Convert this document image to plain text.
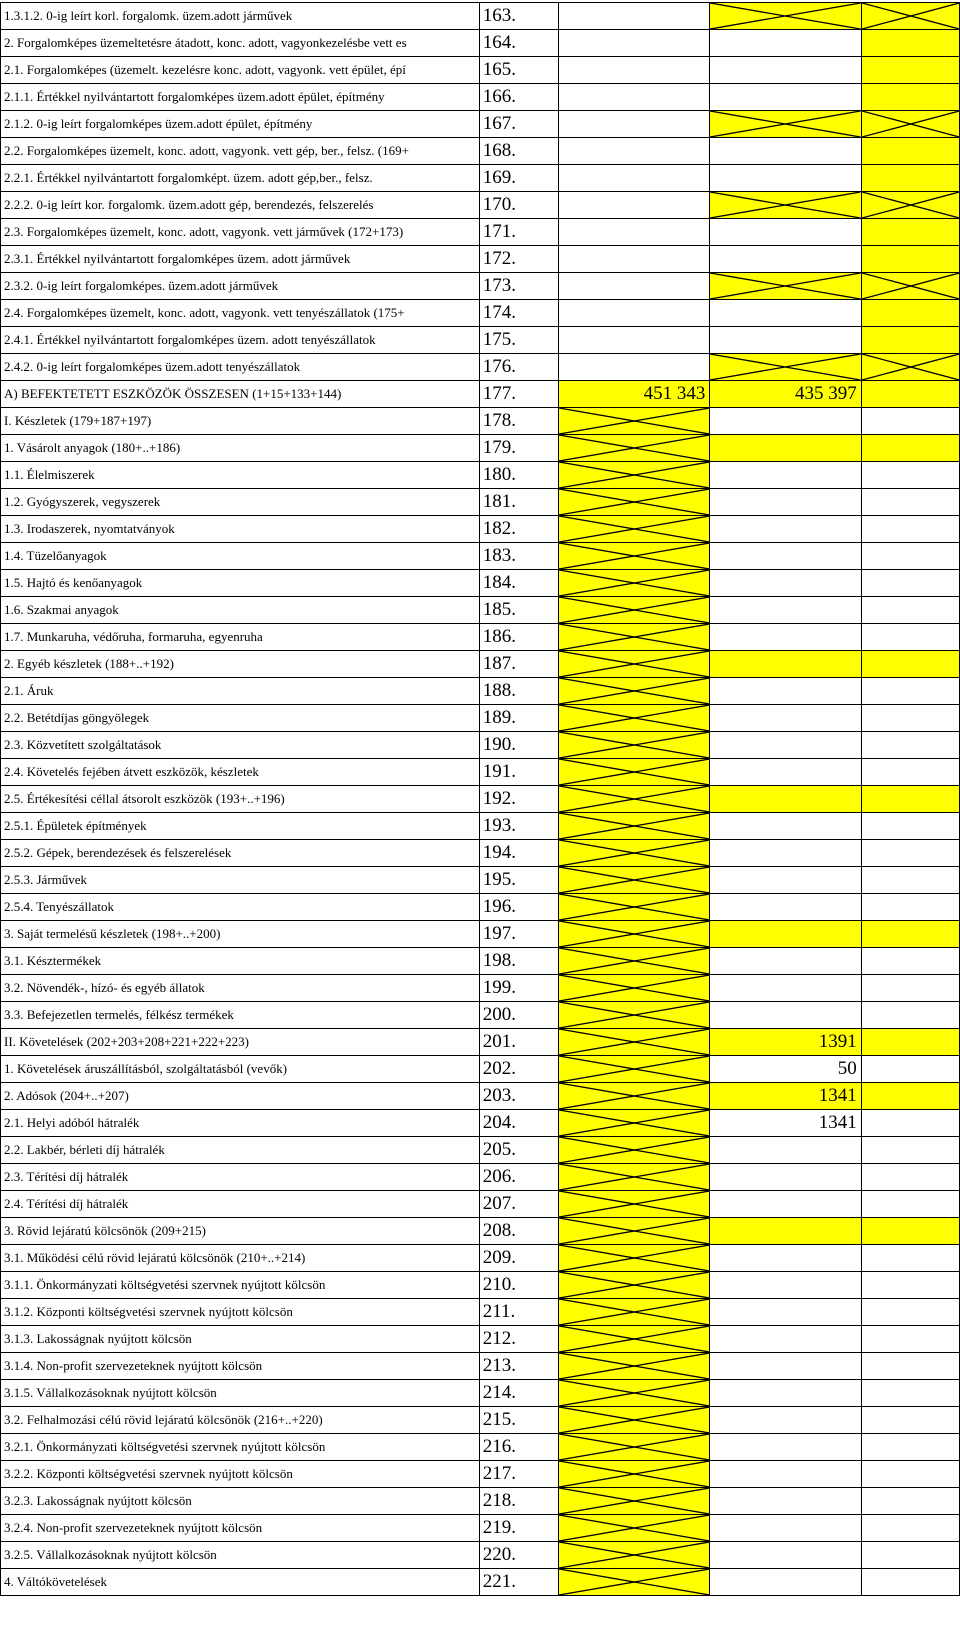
1.3.1.2. 0-ig leírt korl. forgalomk. üzem.adott járművek	163.		

2. Forgalomképes üzemeltetésre átadott, konc. adott, vagyonkezelésbe vett es	164.			
2.1. Forgalomképes (üzemelt. kezelésre konc. adott, vagyonk. vett épület, épí	165.			
2.1.1. Értékkel nyilvántartott forgalomképes üzem.adott épület, építmény	166.			
2.1.2. 0-ig leírt forgalomképes üzem.adott épület, építmény	167.		

2.2. Forgalomképes üzemelt, konc. adott, vagyonk. vett gép, ber., felsz. (169+	168.			
2.2.1. Értékkel nyilvántartott forgalomképt. üzem. adott gép,ber., felsz.	169.			
2.2.2. 0-ig leírt kor. forgalomk. üzem.adott gép, berendezés, felszerelés	170.		

2.3. Forgalomképes üzemelt, konc. adott, vagyonk. vett járművek (172+173)	171.			
2.3.1. Értékkel nyilvántartott forgalomképes üzem. adott járművek	172.			
2.3.2. 0-ig leírt forgalomképes. üzem.adott járművek	173.		

2.4. Forgalomképes üzemelt, konc. adott, vagyonk. vett tenyészállatok (175+	174.			
2.4.1. Értékkel nyilvántartott forgalomképes üzem. adott tenyészállatok	175.			
2.4.2. 0-ig leírt forgalomképes üzem.adott tenyészállatok	176.		

A) BEFEKTETETT ESZKÖZÖK ÖSSZESEN (1+15+133+144)	177.	451 343	435 397	
I. Készletek (179+187+197)	178.	

1. Vásárolt anyagok (180+..+186)	179.	

1.1. Élelmiszerek	180.	

1.2. Gyógyszerek, vegyszerek	181.	

1.3. Irodaszerek, nyomtatványok	182.	

1.4. Tüzelőanyagok	183.	

1.5. Hajtó és kenőanyagok	184.	

1.6. Szakmai anyagok	185.	

1.7. Munkaruha, védőruha, formaruha, egyenruha	186.	

2. Egyéb készletek (188+..+192)	187.	

2.1. Áruk	188.	

2.2. Betétdíjas göngyölegek	189.	

2.3. Közvetített szolgáltatások	190.	

2.4. Követelés fejében átvett eszközök, készletek	191.	

2.5. Értékesítési céllal átsorolt eszközök (193+..+196)	192.	

2.5.1. Épületek építmények	193.	

2.5.2. Gépek, berendezések és felszerelések	194.	

2.5.3. Járművek	195.	

2.5.4. Tenyészállatok	196.	

3. Saját termelésű készletek (198+..+200)	197.	

3.1. Késztermékek	198.	

3.2. Növendék-, hízó- és egyéb állatok	199.	

3.3. Befejezetlen termelés, félkész termékek	200.	

II. Követelések (202+203+208+221+222+223)	201.		1391	
1. Követelések áruszállításból, szolgáltatásból (vevők)	202.		50	
2. Adósok (204+..+207)	203.		1341	
2.1. Helyi adóból hátralék	204.		1341	
2.2. Lakbér, bérleti díj hátralék	205.	

2.3. Térítési díj hátralék	206.	

2.4. Térítési díj hátralék	207.	

3. Rövid lejáratú kölcsönök (209+215)	208.	

3.1. Működési célú rövid lejáratú kölcsönök (210+..+214)	209.	

3.1.1. Önkormányzati költségvetési szervnek nyújtott kölcsön	210.	

3.1.2. Központi költségvetési szervnek nyújtott kölcsön	211.	

3.1.3. Lakosságnak nyújtott kölcsön	212.	

3.1.4. Non-profit szervezeteknek nyújtott kölcsön	213.	

3.1.5. Vállalkozásoknak nyújtott kölcsön	214.	

3.2. Felhalmozási célú rövid lejáratú kölcsönök (216+..+220)	215.	

3.2.1. Önkormányzati költségvetési szervnek nyújtott kölcsön	216.	

3.2.2. Központi költségvetési szervnek nyújtott kölcsön	217.	

3.2.3. Lakosságnak nyújtott kölcsön	218.	

3.2.4. Non-profit szervezeteknek nyújtott kölcsön	219.	

3.2.5. Vállalkozásoknak nyújtott kölcsön	220.	

4. Váltókövetelések	221.	
